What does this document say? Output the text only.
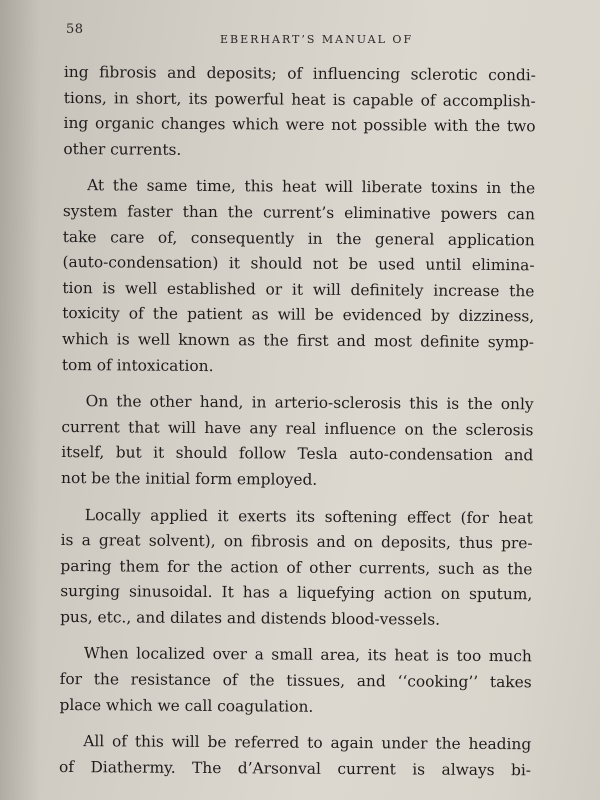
58
EBERHART’S MANUAL OF

ing fibrosis and deposits; of influencing sclerotic condi-
tions, in short, its powerful heat is capable of accomplish-
ing organic changes which were not possible with the two
other currents.

At the same time, this heat will liberate toxins in the
system faster than the current’s eliminative powers can
take care of, consequently in the general application
(auto-condensation) it should not be used until elimina-
tion is well established or it will definitely increase the
toxicity of the patient as will be evidenced by dizziness,
which is well known as the first and most definite symp-
tom of intoxication.

On the other hand, in arterio-sclerosis this is the only
current that will have any real influence on the sclerosis
itself, but it should follow Tesla auto-condensation and
not be the initial form employed.

Locally applied it exerts its softening effect (for heat
is a great solvent), on fibrosis and on deposits, thus pre-
paring them for the action of other currents, such as the
surging sinusoidal. It has a liquefying action on sputum,
pus, etc., and dilates and distends blood-vessels.

When localized over a small area, its heat is too much
for the resistance of the tissues, and ‘‘cooking’’ takes
place which we call coagulation.

All of this will be referred to again under the heading
of Diathermy. The d’Arsonval current is always bi-
